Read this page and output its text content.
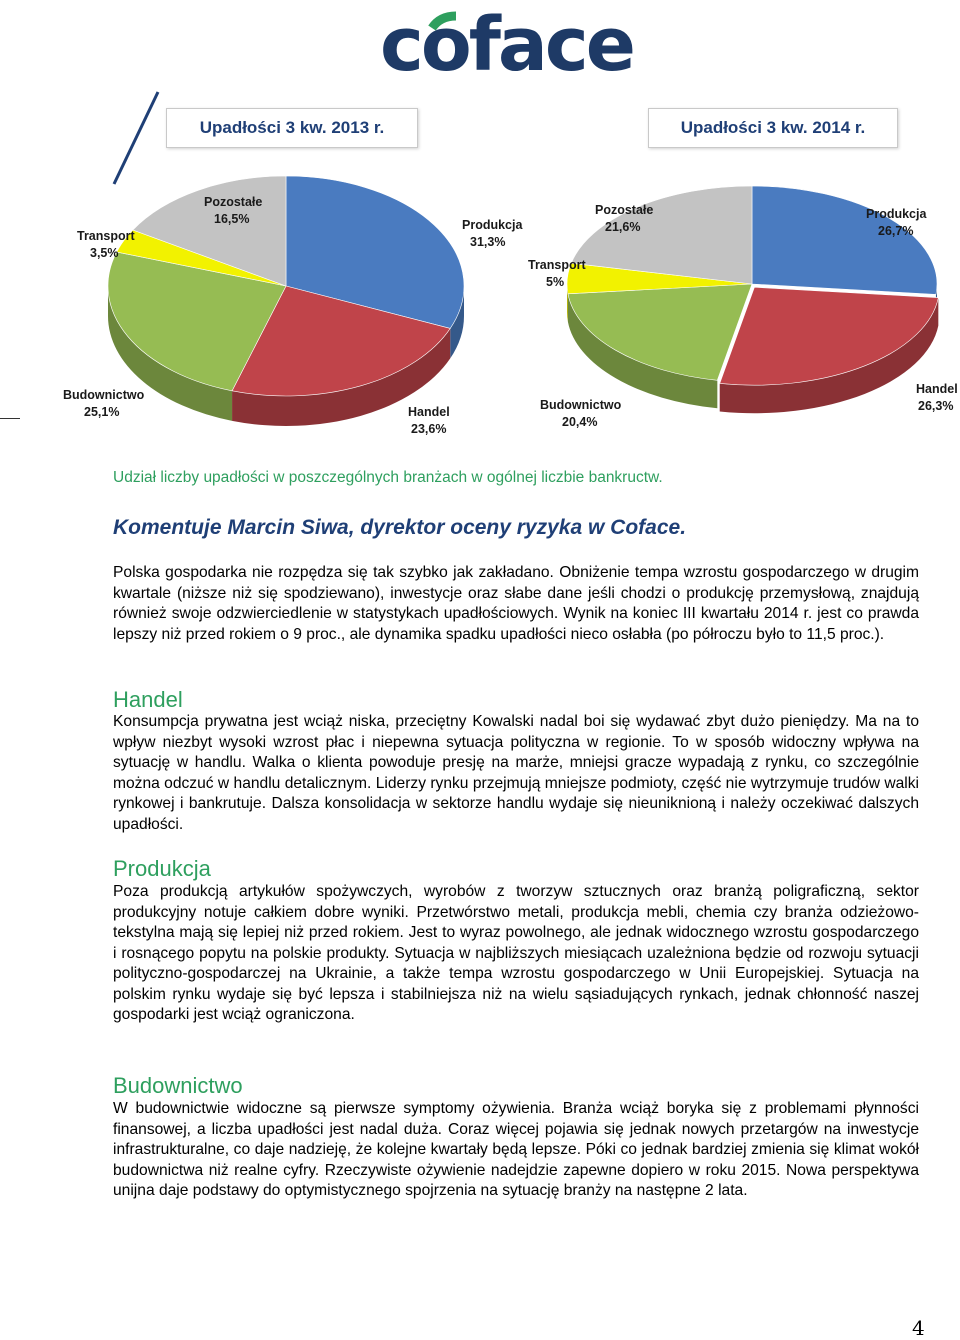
coface
Upadłości 3 kw. 2013 r.	Upadłości 3 kw. 2014 r.
Produkcja
31,3%
Pozostałe
16,5%
Transport
3,5%
Budownictwo
25,1%	Handel
23,6%
Produkcja
26,7%
Pozostałe
21,6%
Transport
5%
Budownictwo
20,4%
Handel
26,3%
Udział liczby upadłości w poszczególnych branżach w ogólnej liczbie bankructw.
Komentuje Marcin Siwa, dyrektor oceny ryzyka w Coface.

Polska gospodarka nie rozpędza się tak szybko jak zakładano. Obniżenie tempa wzrostu gospodarczego w drugim kwartale (niższe niż się spodziewano), inwestycje oraz słabe dane jeśli chodzi o produkcję przemysłową, znajdują również swoje odzwierciedlenie w statystykach upadłościowych. Wynik na koniec III kwartału 2014 r. jest co prawda lepszy niż przed rokiem o 9 proc., ale dynamika spadku upadłości nieco osłabła (po półroczu było to 11,5 proc.).

Handel

Konsumpcja prywatna jest wciąż niska, przeciętny Kowalski nadal boi się wydawać zbyt dużo pieniędzy. Ma na to wpływ niezbyt wysoki wzrost płac i niepewna sytuacja polityczna w regionie. To w sposób widoczny wpływa na sytuację w handlu. Walka o klienta powoduje presję na marże, mniejsi gracze wypadają z rynku, co szczególnie można odczuć w handlu detalicznym. Liderzy rynku przejmują mniejsze podmioty, część nie wytrzymuje trudów walki rynkowej i bankrutuje. Dalsza konsolidacja w sektorze handlu wydaje się nieuniknioną i należy oczekiwać dalszych upadłości.

Produkcja

Poza produkcją artykułów spożywczych, wyrobów z tworzyw sztucznych oraz branżą poligraficzną, sektor produkcyjny notuje całkiem dobre wyniki. Przetwórstwo metali, produkcja mebli, chemia czy branża odzieżowo-tekstylna mają się lepiej niż przed rokiem. Jest to wyraz powolnego, ale jednak widocznego wzrostu gospodarczego i rosnącego popytu na polskie produkty. Sytuacja w najbliższych miesiącach uzależniona będzie od rozwoju sytuacji polityczno-gospodarczej na Ukrainie, a także tempa wzrostu gospodarczego w Unii Europejskiej. Sytuacja na polskim rynku wydaje się być lepsza i stabilniejsza niż na wielu sąsiadujących rynkach, jednak chłonność naszej gospodarki jest wciąż ograniczona.

Budownictwo

W budownictwie widoczne są pierwsze symptomy ożywienia. Branża wciąż boryka się z problemami płynności finansowej, a liczba upadłości jest nadal duża. Coraz więcej pojawia się jednak nowych przetargów na inwestycje infrastrukturalne, co daje nadzieję, że kolejne kwartały będą lepsze. Póki co jednak bardziej zmienia się klimat wokół budownictwa niż realne cyfry. Rzeczywiste ożywienie nadejdzie zapewne dopiero w roku 2015. Nowa perspektywa unijna daje podstawy do optymistycznego spojrzenia na sytuację branży na następne 2 lata.

4
